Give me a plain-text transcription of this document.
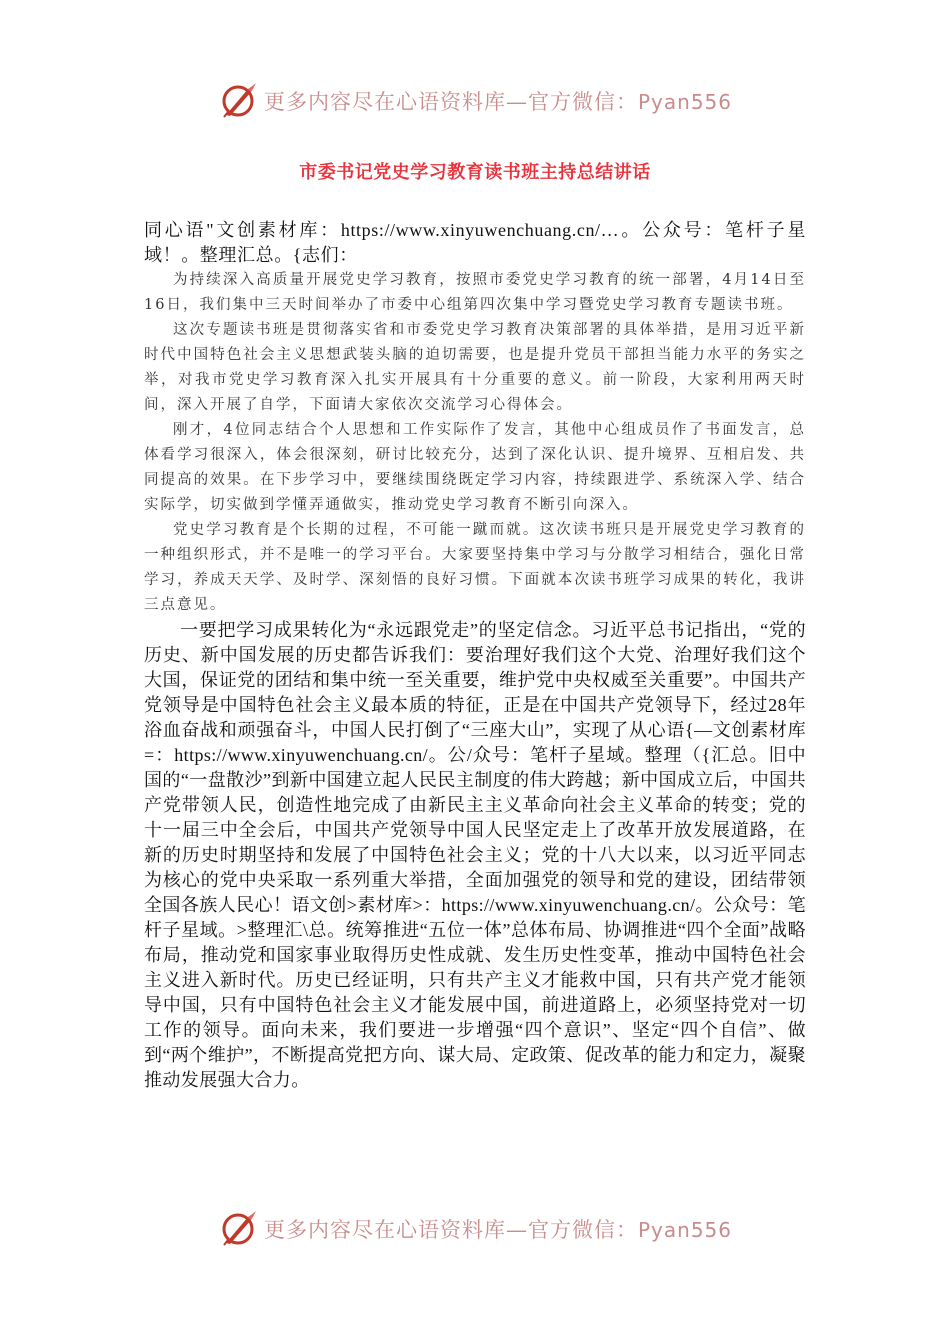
更多内容尽在心语资料库—官方微信：Pyan556
市委书记党史学习教育读书班主持总结讲话

同心语"文创素材库：https://www.xinyuwenchuang.cn/…。公众号：笔杆子星域！。整理汇总。{志们：

为持续深入高质量开展党史学习教育，按照市委党史学习教育的统一部署，4月14日至16日，我们集中三天时间举办了市委中心组第四次集中学习暨党史学习教育专题读书班。

这次专题读书班是贯彻落实省和市委党史学习教育决策部署的具体举措，是用习近平新时代中国特色社会主义思想武装头脑的迫切需要，也是提升党员干部担当能力水平的务实之举，对我市党史学习教育深入扎实开展具有十分重要的意义。前一阶段，大家利用两天时间，深入开展了自学，下面请大家依次交流学习心得体会。

刚才，4位同志结合个人思想和工作实际作了发言，其他中心组成员作了书面发言，总体看学习很深入，体会很深刻，研讨比较充分，达到了深化认识、提升境界、互相启发、共同提高的效果。在下步学习中，要继续围绕既定学习内容，持续跟进学、系统深入学、结合实际学，切实做到学懂弄通做实，推动党史学习教育不断引向深入。

党史学习教育是个长期的过程，不可能一蹴而就。这次读书班只是开展党史学习教育的一种组织形式，并不是唯一的学习平台。大家要坚持集中学习与分散学习相结合，强化日常学习，养成天天学、及时学、深刻悟的良好习惯。下面就本次读书班学习成果的转化，我讲三点意见。

一要把学习成果转化为“永远跟党走”的坚定信念。习近平总书记指出，“党的历史、新中国发展的历史都告诉我们：要治理好我们这个大党、治理好我们这个大国，保证党的团结和集中统一至关重要，维护党中央权威至关重要”。中国共产党领导是中国特色社会主义最本质的特征，正是在中国共产党领导下，经过28年浴血奋战和顽强奋斗，中国人民打倒了“三座大山”，实现了从心语{—文创素材库=：https://www.xinyuwenchuang.cn/。公/众号：笔杆子星域。整理（{汇总。旧中国的“一盘散沙”到新中国建立起人民民主制度的伟大跨越；新中国成立后，中国共产党带领人民，创造性地完成了由新民主主义革命向社会主义革命的转变；党的十一届三中全会后，中国共产党领导中国人民坚定走上了改革开放发展道路，在新的历史时期坚持和发展了中国特色社会主义；党的十八大以来，以习近平同志为核心的党中央采取一系列重大举措，全面加强党的领导和党的建设，团结带领全国各族人民心！语文创>素材库>：https://www.xinyuwenchuang.cn/。公众号：笔杆子星域。>整理汇\总。统筹推进“五位一体”总体布局、协调推进“四个全面”战略布局，推动党和国家事业取得历史性成就、发生历史性变革，推动中国特色社会主义进入新时代。历史已经证明，只有共产主义才能救中国，只有共产党才能领导中国，只有中国特色社会主义才能发展中国，前进道路上，必须坚持党对一切工作的领导。面向未来，我们要进一步增强“四个意识”、坚定“四个自信”、做到“两个维护”，不断提高党把方向、谋大局、定政策、促改革的能力和定力，凝聚推动发展强大合力。

更多内容尽在心语资料库—官方微信：Pyan556
